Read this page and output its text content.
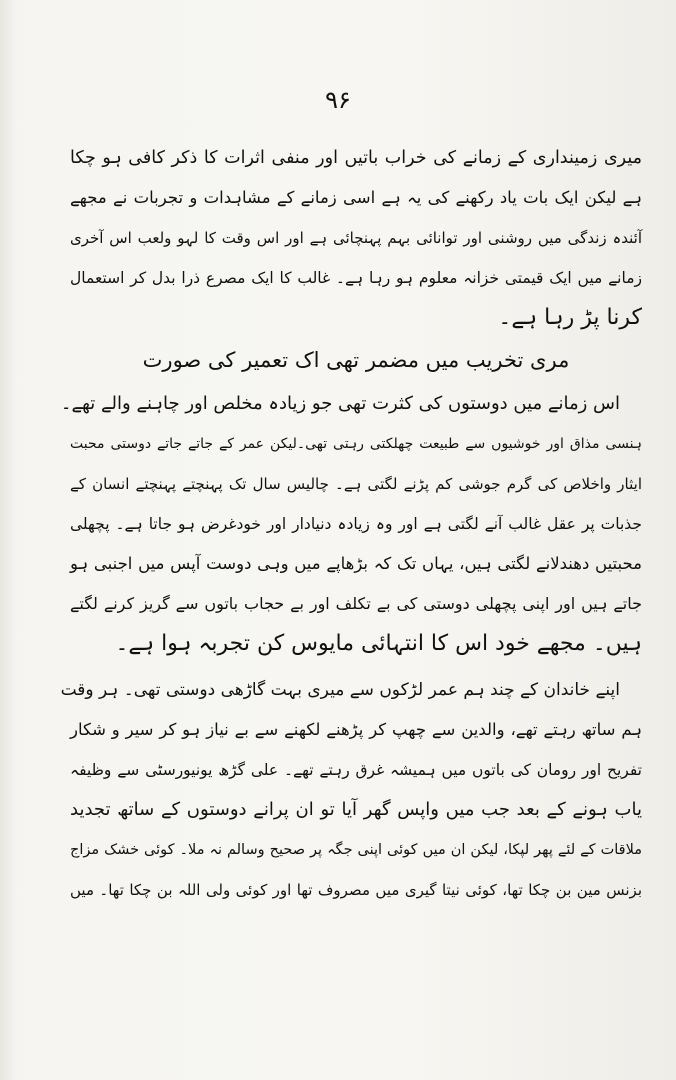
۹۶
میری زمینداری کے زمانے کی خراب باتیں اور منفی اثرات کا ذکر کافی ہو چکا
ہے لیکن ایک بات یاد رکھنے کی یہ ہے اسی زمانے کے مشاہدات و تجربات نے مجھے
آئندہ زندگی میں روشنی اور توانائی بہم پہنچائی ہے اور اس وقت کا لہو ولعب اس آخری
زمانے میں ایک قیمتی خزانہ معلوم ہو رہا ہے۔ غالب کا ایک مصرع ذرا بدل کر استعمال
کرنا پڑ رہا ہے۔
مری تخریب میں مضمر تھی اک تعمیر کی صورت
اس زمانے میں دوستوں کی کثرت تھی جو زیادہ مخلص اور چاہنے والے تھے۔
ہنسی مذاق اور خوشیوں سے طبیعت چھلکتی رہتی تھی۔لیکن عمر کے جاتے جاتے دوستی محبت
ایثار واخلاص کی گرم جوشی کم پڑنے لگتی ہے۔ چالیس سال تک پہنچتے پہنچتے انسان کے
جذبات پر عقل غالب آنے لگتی ہے اور وہ زیادہ دنیادار اور خودغرض ہو جاتا ہے۔ پچھلی
محبتیں دھندلانے لگتی ہیں، یہاں تک کہ بڑھاپے میں وہی دوست آپس میں اجنبی ہو
جاتے ہیں اور اپنی پچھلی دوستی کی بے تکلف اور بے حجاب باتوں سے گریز کرنے لگتے
ہیں۔ مجھے خود اس کا انتہائی مایوس کن تجربہ ہوا ہے۔
اپنے خاندان کے چند ہم عمر لڑکوں سے میری بہت گاڑھی دوستی تھی۔ ہر وقت
ہم ساتھ رہتے تھے، والدین سے چھپ کر پڑھنے لکھنے سے بے نیاز ہو کر سیر و شکار
تفریح اور رومان کی باتوں میں ہمیشہ غرق رہتے تھے۔ علی گڑھ یونیورسٹی سے وظیفہ
یاب ہونے کے بعد جب میں واپس گھر آیا تو ان پرانے دوستوں کے ساتھ تجدید
ملاقات کے لئے پھر لپکا، لیکن ان میں کوئی اپنی جگہ پر صحیح وسالم نہ ملا۔ کوئی خشک مزاج
بزنس مین بن چکا تھا، کوئی نیتا گیری میں مصروف تھا اور کوئی ولی اللہ بن چکا تھا۔ میں
